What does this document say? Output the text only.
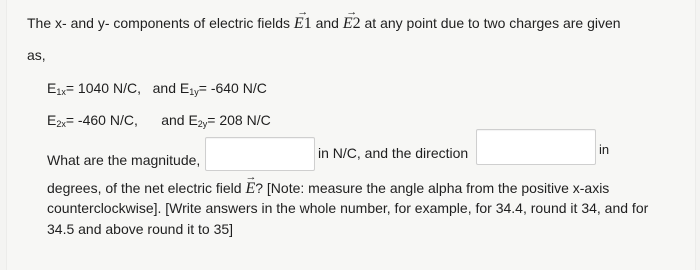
The x- and y- components of electric fields
→
E1 and
→
E2 at any point due to two charges are given
as,
$E_{1x}= 1040$ N/C, and $E_{1y}= -640$ N/C
$E_{2x}= -460$ N/C, and $E_{2y}= 208$ N/C
What are the magnitude,	in N/C, and the direction	in
degrees, of the net electric field
→
E? [Note: measure the angle alpha from the positive x-axis
counterclockwise]. [Write answers in the whole number, for example, for 34.4, round it 34, and for
34.5 and above round it to 35]
